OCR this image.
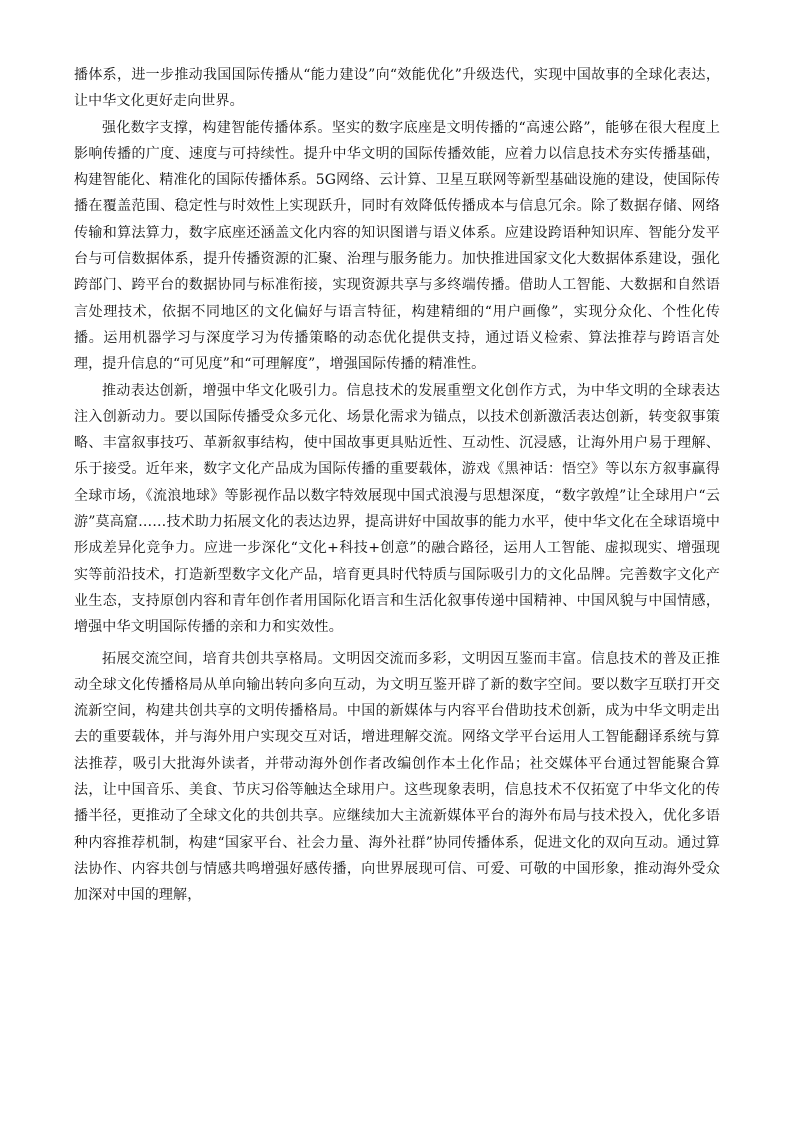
播体系，进一步推动我国国际传播从“能力建设”向“效能优化”升级迭代，实现中国故事的全球化表达，让中华文化更好走向世界。

强化数字支撑，构建智能传播体系。坚实的数字底座是文明传播的“高速公路”，能够在很大程度上影响传播的广度、速度与可持续性。提升中华文明的国际传播效能，应着力以信息技术夯实传播基础，构建智能化、精准化的国际传播体系。5G网络、云计算、卫星互联网等新型基础设施的建设，使国际传播在覆盖范围、稳定性与时效性上实现跃升，同时有效降低传播成本与信息冗余。除了数据存储、网络传输和算法算力，数字底座还涵盖文化内容的知识图谱与语义体系。应建设跨语种知识库、智能分发平台与可信数据体系，提升传播资源的汇聚、治理与服务能力。加快推进国家文化大数据体系建设，强化跨部门、跨平台的数据协同与标准衔接，实现资源共享与多终端传播。借助人工智能、大数据和自然语言处理技术，依据不同地区的文化偏好与语言特征，构建精细的“用户画像”，实现分众化、个性化传播。运用机器学习与深度学习为传播策略的动态优化提供支持，通过语义检索、算法推荐与跨语言处理，提升信息的“可见度”和“可理解度”，增强国际传播的精准性。

推动表达创新，增强中华文化吸引力。信息技术的发展重塑文化创作方式，为中华文明的全球表达注入创新动力。要以国际传播受众多元化、场景化需求为锚点，以技术创新激活表达创新，转变叙事策略、丰富叙事技巧、革新叙事结构，使中国故事更具贴近性、互动性、沉浸感，让海外用户易于理解、乐于接受。近年来，数字文化产品成为国际传播的重要载体，游戏《黑神话：悟空》等以东方叙事赢得全球市场，《流浪地球》等影视作品以数字特效展现中国式浪漫与思想深度，“数字敦煌”让全球用户“云游”莫高窟……技术助力拓展文化的表达边界，提高讲好中国故事的能力水平，使中华文化在全球语境中形成差异化竞争力。应进一步深化“文化+科技+创意”的融合路径，运用人工智能、虚拟现实、增强现实等前沿技术，打造新型数字文化产品，培育更具时代特质与国际吸引力的文化品牌。完善数字文化产业生态，支持原创内容和青年创作者用国际化语言和生活化叙事传递中国精神、中国风貌与中国情感，增强中华文明国际传播的亲和力和实效性。

拓展交流空间，培育共创共享格局。文明因交流而多彩，文明因互鉴而丰富。信息技术的普及正推动全球文化传播格局从单向输出转向多向互动，为文明互鉴开辟了新的数字空间。要以数字互联打开交流新空间，构建共创共享的文明传播格局。中国的新媒体与内容平台借助技术创新，成为中华文明走出去的重要载体，并与海外用户实现交互对话，增进理解交流。网络文学平台运用人工智能翻译系统与算法推荐，吸引大批海外读者，并带动海外创作者改编创作本土化作品；社交媒体平台通过智能聚合算法，让中国音乐、美食、节庆习俗等触达全球用户。这些现象表明，信息技术不仅拓宽了中华文化的传播半径，更推动了全球文化的共创共享。应继续加大主流新媒体平台的海外布局与技术投入，优化多语种内容推荐机制，构建“国家平台、社会力量、海外社群”协同传播体系，促进文化的双向互动。通过算法协作、内容共创与情感共鸣增强好感传播，向世界展现可信、可爱、可敬的中国形象，推动海外受众加深对中国的理解，
